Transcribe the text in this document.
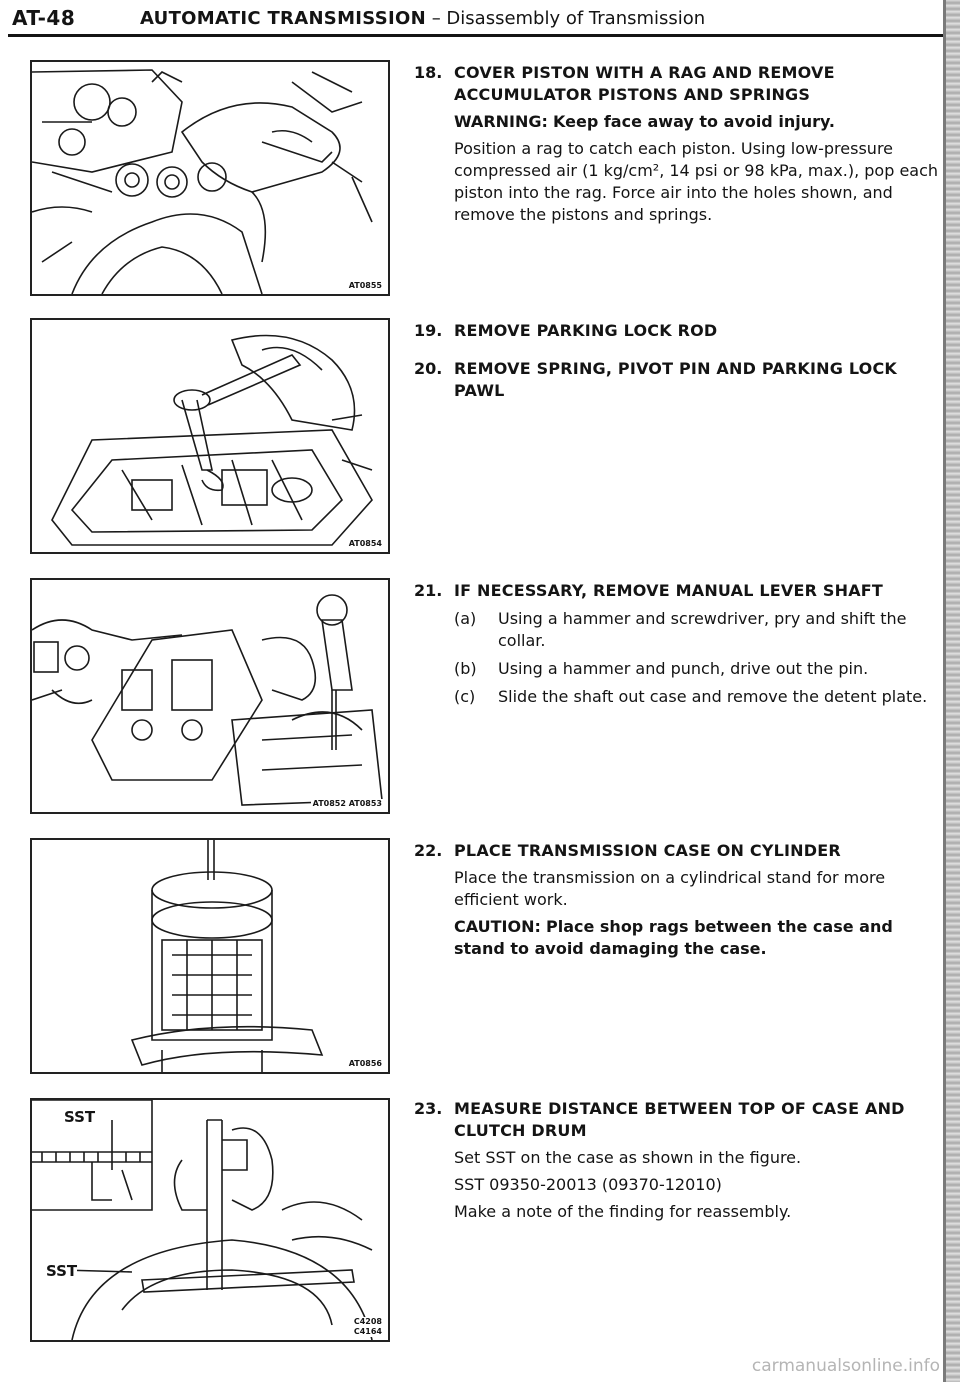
AT-48	AUTOMATIC TRANSMISSION – Disassembly of Transmission
AT0855
AT0854
AT0852 AT0853
AT0856
SST
SST
C4208
C4164
18. COVER PISTON WITH A RAG AND REMOVE
ACCUMULATOR PISTONS AND SPRINGS
WARNING: Keep face away to avoid injury.
Position a rag to catch each piston. Using low-pressure compressed air (1 kg/cm², 14 psi or 98 kPa, max.), pop each piston into the rag. Force air into the holes shown, and remove the pistons and springs.
19. REMOVE PARKING LOCK ROD
20. REMOVE SPRING, PIVOT PIN AND PARKING LOCK PAWL
21. IF NECESSARY, REMOVE MANUAL LEVER SHAFT
(a) Using a hammer and screwdriver, pry and shift the collar.
(b) Using a hammer and punch, drive out the pin.
(c) Slide the shaft out case and remove the detent plate.
22. PLACE TRANSMISSION CASE ON CYLINDER
Place the transmission on a cylindrical stand for more efficient work.
CAUTION: Place shop rags between the case and stand to avoid damaging the case.
23. MEASURE DISTANCE BETWEEN TOP OF CASE AND
CLUTCH DRUM
Set SST on the case as shown in the figure.
SST 09350-20013 (09370-12010)
Make a note of the finding for reassembly.
carmanualsonline.info
